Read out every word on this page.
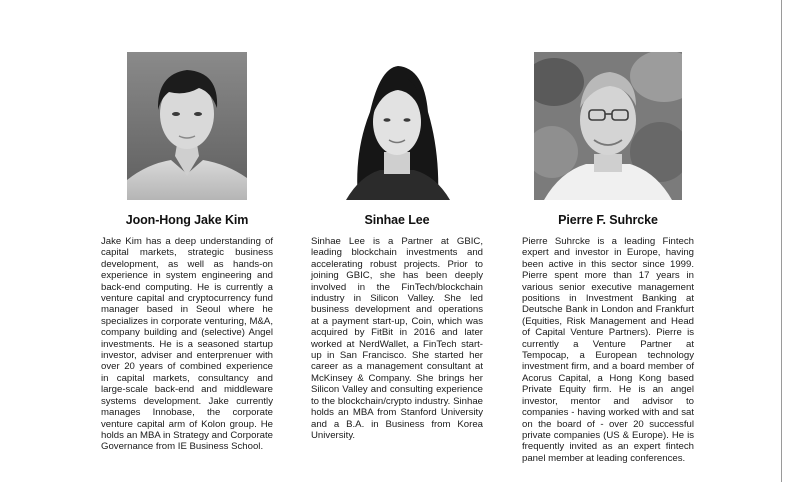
Joon-Hong Jake Kim
Jake Kim has a deep understanding of capital markets, strategic business development, as well as hands-on experience in system engineering and back-end computing. He is currently a venture capital and cryptocurrency fund manager based in Seoul where he specializes in corporate venturing, M&A, company building and (selective) Angel investments. He is a seasoned startup investor, adviser and enterprenuer with over 20 years of combined experience in capital markets, consultancy and large-scale back-end and middleware systems development. Jake currently manages Innobase, the corporate venture capital arm of Kolon group. He holds an MBA in Strategy and Corporate Governance from IE Business School.
Sinhae Lee
Sinhae Lee is a Partner at GBIC, leading blockchain investments and accelerating robust projects. Prior to joining GBIC, she has been deeply involved in the FinTech/blockchain industry in Silicon Valley. She led business development and operations at a payment start-up, Coin, which was acquired by FitBit in 2016 and later worked at NerdWallet, a FinTech start-up in San Francisco. She started her career as a management consultant at McKinsey & Company. She brings her Silicon Valley and consulting experience to the blockchain/crypto industry. Sinhae holds an MBA from Stanford University and a B.A. in Business from Korea University.
Pierre F. Suhrcke
Pierre Suhrcke is a leading Fintech expert and investor in Europe, having been active in this sector since 1999. Pierre spent more than 17 years in various senior executive management positions in Investment Banking at Deutsche Bank in London and Frankfurt (Equities, Risk Management and Head of Capital Venture Partners). Pierre is currently a Venture Partner at Tempocap, a European technology investment firm, and a board member of Acorus Capital, a Hong Kong based Private Equity firm. He is an angel investor, mentor and advisor to companies - having worked with and sat on the board of - over 20 successful private companies (US & Europe). He is frequently invited as an expert fintech panel member at leading conferences.
